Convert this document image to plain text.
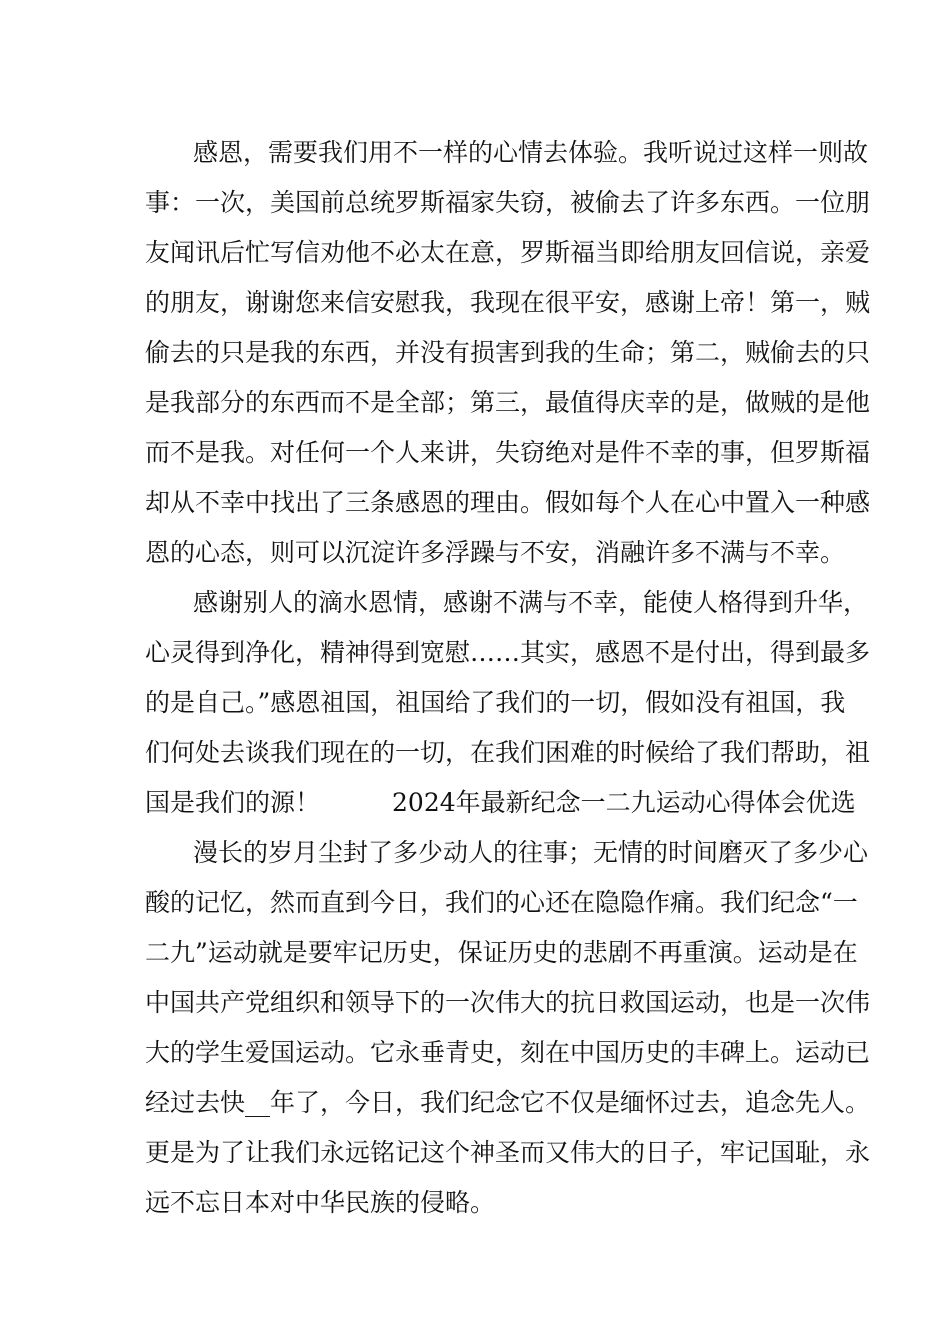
感恩，需要我们用不一样的心情去体验。我听说过这样一则故
事：一次，美国前总统罗斯福家失窃，被偷去了许多东西。一位朋
友闻讯后忙写信劝他不必太在意，罗斯福当即给朋友回信说，亲爱
的朋友，谢谢您来信安慰我，我现在很平安，感谢上帝！第一，贼
偷去的只是我的东西，并没有损害到我的生命；第二，贼偷去的只
是我部分的东西而不是全部；第三，最值得庆幸的是，做贼的是他
而不是我。对任何一个人来讲，失窃绝对是件不幸的事，但罗斯福
却从不幸中找出了三条感恩的理由。假如每个人在心中置入一种感
恩的心态，则可以沉淀许多浮躁与不安，消融许多不满与不幸。
感谢别人的滴水恩情，感谢不满与不幸，能使人格得到升华，
心灵得到净化，精神得到宽慰……其实，感恩不是付出，得到最多
的是自己。”感恩祖国，祖国给了我们的一切，假如没有祖国，我
们何处去谈我们现在的一切，在我们困难的时候给了我们帮助，祖
国是我们的源！	2024年最新纪念一二九运动心得体会优选
漫长的岁月尘封了多少动人的往事；无情的时间磨灭了多少心
酸的记忆，然而直到今日，我们的心还在隐隐作痛。我们纪念“一
二九”运动就是要牢记历史，保证历史的悲剧不再重演。运动是在
中国共产党组织和领导下的一次伟大的抗日救国运动，也是一次伟
大的学生爱国运动。它永垂青史，刻在中国历史的丰碑上。运动已
经过去快__年了，今日，我们纪念它不仅是缅怀过去，追念先人。
更是为了让我们永远铭记这个神圣而又伟大的日子，牢记国耻，永
远不忘日本对中华民族的侵略。
